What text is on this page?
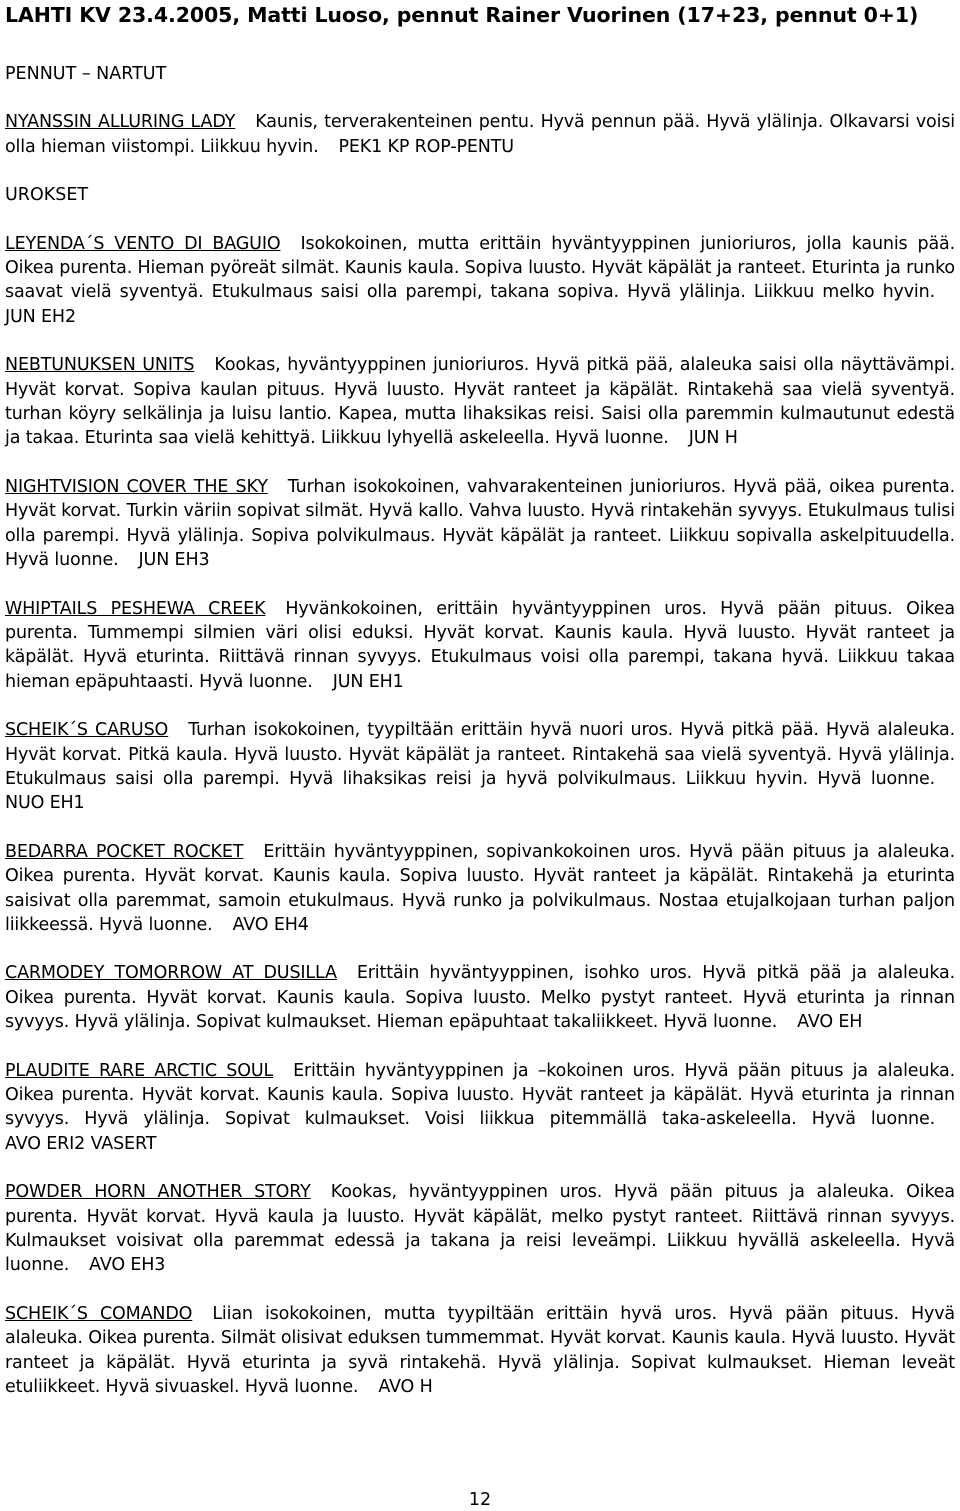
LAHTI KV 23.4.2005, Matti Luoso, pennut Rainer Vuorinen (17+23, pennut 0+1)

PENNUT – NARTUT

NYANSSIN ALLURING LADY Kaunis, terverakenteinen pentu. Hyvä pennun pää. Hyvä ylälinja. Olkavarsi voisi olla hieman viistompi. Liikkuu hyvin. PEK1 KP ROP-PENTU

UROKSET

LEYENDA´S VENTO DI BAGUIO Isokokoinen, mutta erittäin hyväntyyppinen junioriuros, jolla kaunis pää. Oikea purenta. Hieman pyöreät silmät. Kaunis kaula. Sopiva luusto. Hyvät käpälät ja ranteet. Eturinta ja runko saavat vielä syventyä. Etukulmaus saisi olla parempi, takana sopiva. Hyvä ylälinja. Liikkuu melko hyvin.JUN EH2

NEBTUNUKSEN UNITS Kookas, hyväntyyppinen junioriuros. Hyvä pitkä pää, alaleuka saisi olla näyttävämpi. Hyvät korvat. Sopiva kaulan pituus. Hyvä luusto. Hyvät ranteet ja käpälät. Rintakehä saa vielä syventyä. turhan köyry selkälinja ja luisu lantio. Kapea, mutta lihaksikas reisi. Saisi olla paremmin kulmautunut edestä ja takaa. Eturinta saa vielä kehittyä. Liikkuu lyhyellä askeleella. Hyvä luonne. JUN H

NIGHTVISION COVER THE SKY Turhan isokokoinen, vahvarakenteinen junioriuros. Hyvä pää, oikea purenta. Hyvät korvat. Turkin väriin sopivat silmät. Hyvä kallo. Vahva luusto. Hyvä rintakehän syvyys. Etukulmaus tulisi olla parempi. Hyvä ylälinja. Sopiva polvikulmaus. Hyvät käpälät ja ranteet. Liikkuu sopivalla askelpituudella. Hyvä luonne. JUN EH3

WHIPTAILS PESHEWA CREEK Hyvänkokoinen, erittäin hyväntyyppinen uros. Hyvä pään pituus. Oikea purenta. Tummempi silmien väri olisi eduksi. Hyvät korvat. Kaunis kaula. Hyvä luusto. Hyvät ranteet ja käpälät. Hyvä eturinta. Riittävä rinnan syvyys. Etukulmaus voisi olla parempi, takana hyvä. Liikkuu takaa hieman epäpuhtaasti. Hyvä luonne. JUN EH1

SCHEIK´S CARUSO Turhan isokokoinen, tyypiltään erittäin hyvä nuori uros. Hyvä pitkä pää. Hyvä alaleuka. Hyvät korvat. Pitkä kaula. Hyvä luusto. Hyvät käpälät ja ranteet. Rintakehä saa vielä syventyä. Hyvä ylälinja. Etukulmaus saisi olla parempi. Hyvä lihaksikas reisi ja hyvä polvikulmaus. Liikkuu hyvin. Hyvä luonne.NUO EH1

BEDARRA POCKET ROCKET Erittäin hyväntyyppinen, sopivankokoinen uros. Hyvä pään pituus ja alaleuka. Oikea purenta. Hyvät korvat. Kaunis kaula. Sopiva luusto. Hyvät ranteet ja käpälät. Rintakehä ja eturinta saisivat olla paremmat, samoin etukulmaus. Hyvä runko ja polvikulmaus. Nostaa etujalkojaan turhan paljon liikkeessä. Hyvä luonne. AVO EH4

CARMODEY TOMORROW AT DUSILLA Erittäin hyväntyyppinen, isohko uros. Hyvä pitkä pää ja alaleuka. Oikea purenta. Hyvät korvat. Kaunis kaula. Sopiva luusto. Melko pystyt ranteet. Hyvä eturinta ja rinnan syvyys. Hyvä ylälinja. Sopivat kulmaukset. Hieman epäpuhtaat takaliikkeet. Hyvä luonne. AVO EH

PLAUDITE RARE ARCTIC SOUL Erittäin hyväntyyppinen ja –kokoinen uros. Hyvä pään pituus ja alaleuka. Oikea purenta. Hyvät korvat. Kaunis kaula. Sopiva luusto. Hyvät ranteet ja käpälät. Hyvä eturinta ja rinnan syvyys. Hyvä ylälinja. Sopivat kulmaukset. Voisi liikkua pitemmällä taka-askeleella. Hyvä luonne.AVO ERI2 VASERT

POWDER HORN ANOTHER STORY Kookas, hyväntyyppinen uros. Hyvä pään pituus ja alaleuka. Oikea purenta. Hyvät korvat. Hyvä kaula ja luusto. Hyvät käpälät, melko pystyt ranteet. Riittävä rinnan syvyys. Kulmaukset voisivat olla paremmat edessä ja takana ja reisi leveämpi. Liikkuu hyvällä askeleella. Hyvä luonne. AVO EH3

SCHEIK´S COMANDO Liian isokokoinen, mutta tyypiltään erittäin hyvä uros. Hyvä pään pituus. Hyvä alaleuka. Oikea purenta. Silmät olisivat eduksen tummemmat. Hyvät korvat. Kaunis kaula. Hyvä luusto. Hyvät ranteet ja käpälät. Hyvä eturinta ja syvä rintakehä. Hyvä ylälinja. Sopivat kulmaukset. Hieman leveät etuliikkeet. Hyvä sivuaskel. Hyvä luonne. AVO H

12
